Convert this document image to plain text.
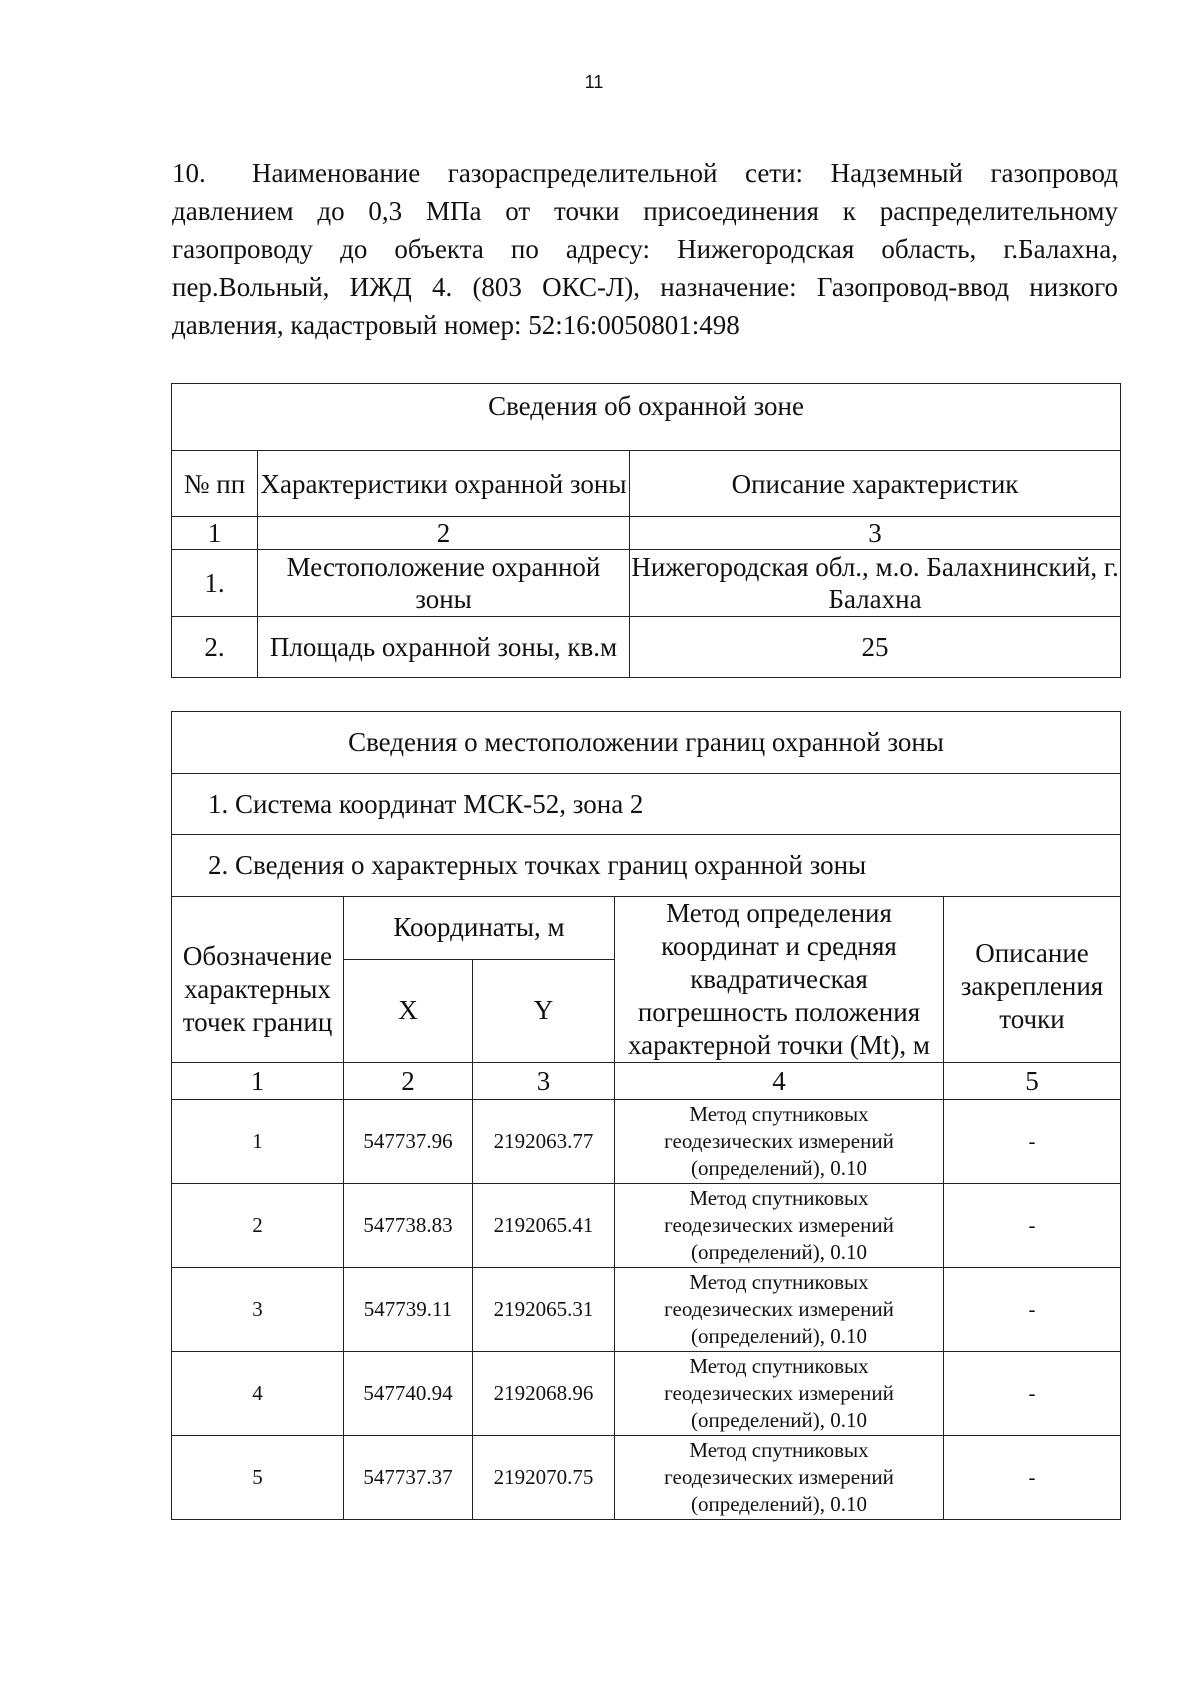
11

10. Наименование газораспределительной сети: Надземный газопровод давлением до 0,3 МПа от точки присоединения к распределительному газопроводу до объекта по адресу: Нижегородская область, г.Балахна, пер.Вольный, ИЖД 4. (803 ОКС-Л), назначение: Газопровод-ввод низкого давления, кадастровый номер: 52:16:0050801:498

Сведения об охранной зоне		
№ пп	Характеристики охранной зоны	Описание характеристик
1	2	3
1.	Местоположение охранной зоны	Нижегородская обл., м.о. Балахнинский, г. Балахна
2.	Площадь охранной зоны, кв.м	25
Сведения о местоположении границ охранной зоны				
1. Система координат МСК-52, зона 2				
2. Сведения о характерных точках границ охранной зоны				
Обозначение характерных точек границ	Координаты, м		Метод определения координат и средняя квадратическая погрешность положения характерной точки (Mt), м	Описание закрепления точки
	X	Y		
1	2	3	4	5
1	547737.96	2192063.77	Метод спутниковых геодезических измерений (определений), 0.10	-
2	547738.83	2192065.41	Метод спутниковых геодезических измерений (определений), 0.10	-
3	547739.11	2192065.31	Метод спутниковых геодезических измерений (определений), 0.10	-
4	547740.94	2192068.96	Метод спутниковых геодезических измерений (определений), 0.10	-
5	547737.37	2192070.75	Метод спутниковых геодезических измерений (определений), 0.10	-
